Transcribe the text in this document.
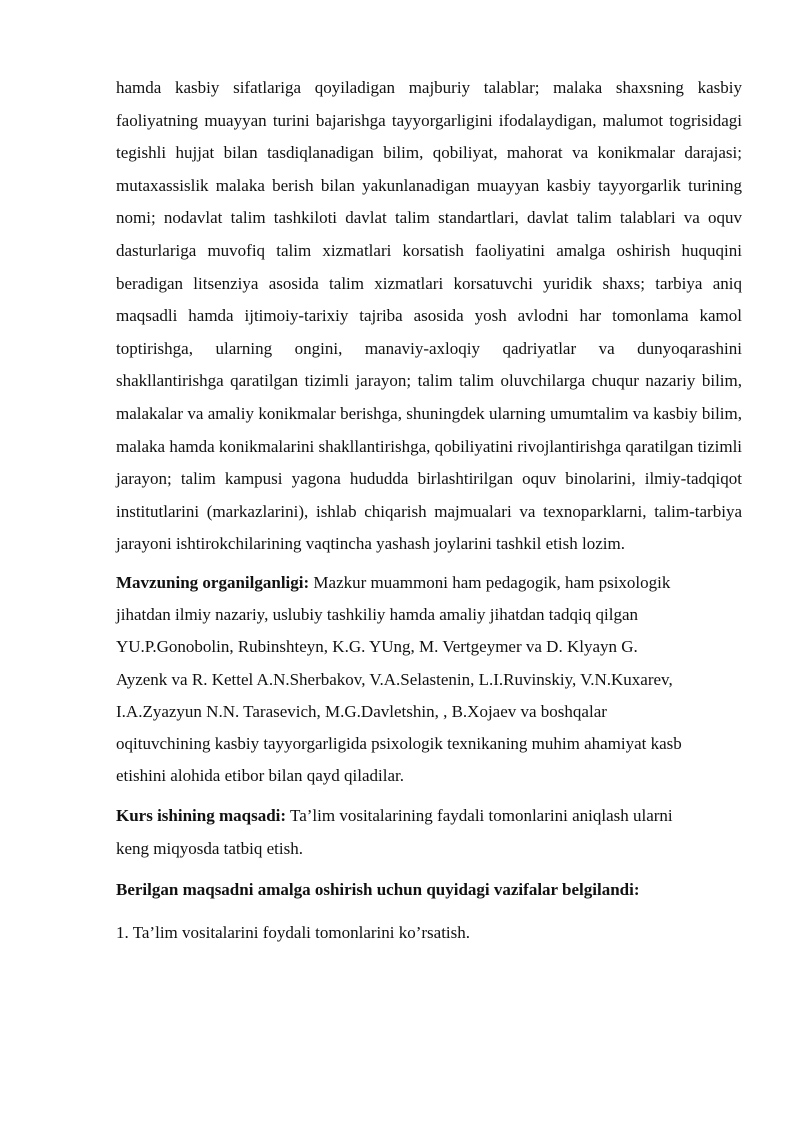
hamda kasbiy sifatlariga qoyiladigan majburiy talablar; malaka shaxsning kasbiy faoliyatning muayyan turini bajarishga tayyorgarligini ifodalaydigan, malumot togrisidagi tegishli hujjat bilan tasdiqlanadigan bilim, qobiliyat, mahorat va konikmalar darajasi; mutaxassislik malaka berish bilan yakunlanadigan muayyan kasbiy tayyorgarlik turining nomi; nodavlat talim tashkiloti davlat talim standartlari, davlat talim talablari va oquv dasturlariga muvofiq talim xizmatlari korsatish faoliyatini amalga oshirish huquqini beradigan litsenziya asosida talim xizmatlari korsatuvchi yuridik shaxs; tarbiya aniq maqsadli hamda ijtimoiy-tarixiy tajriba asosida yosh avlodni har tomonlama kamol toptirishga, ularning ongini, manaviy-axloqiy qadriyatlar va dunyoqarashini shakllantirishga qaratilgan tizimli jarayon; talim talim oluvchilarga chuqur nazariy bilim, malakalar va amaliy konikmalar berishga, shuningdek ularning umumtalim va kasbiy bilim, malaka hamda konikmalarini shakllantirishga, qobiliyatini rivojlantirishga qaratilgan tizimli jarayon; talim kampusi yagona hududda birlashtirilgan oquv binolarini, ilmiy-tadqiqot institutlarini (markazlarini), ishlab chiqarish majmualari va texnoparklarni, talim-tarbiya jarayoni ishtirokchilarining vaqtincha yashash joylarini tashkil etish lozim.

Mavzuning organilganligi: Mazkur muammoni ham pedagogik, ham psixologik
jihatdan ilmiy nazariy, uslubiy tashkiliy hamda amaliy jihatdan tadqiq qilgan
YU.P.Gonobolin, Rubinshteyn, K.G. YUng, M. Vertgeymer va D. Klyayn G.
Ayzenk va R. Kettel A.N.Sherbakov, V.A.Selastenin, L.I.Ruvinskiy, V.N.Kuxarev,
I.A.Zyazyun N.N. Tarasevich, M.G.Davletshin, , B.Xojaev va boshqalar
oqituvchining kasbiy tayyorgarligida psixologik texnikaning muhim ahamiyat kasb
etishini alohida etibor bilan qayd qiladilar.

Kurs ishining maqsadi: Ta’lim vositalarining faydali tomonlarini aniqlash ularni
keng miqyosda tatbiq etish.

Berilgan maqsadni amalga oshirish uchun quyidagi vazifalar belgilandi:

1. Ta’lim vositalarini foydali tomonlarini ko’rsatish.
